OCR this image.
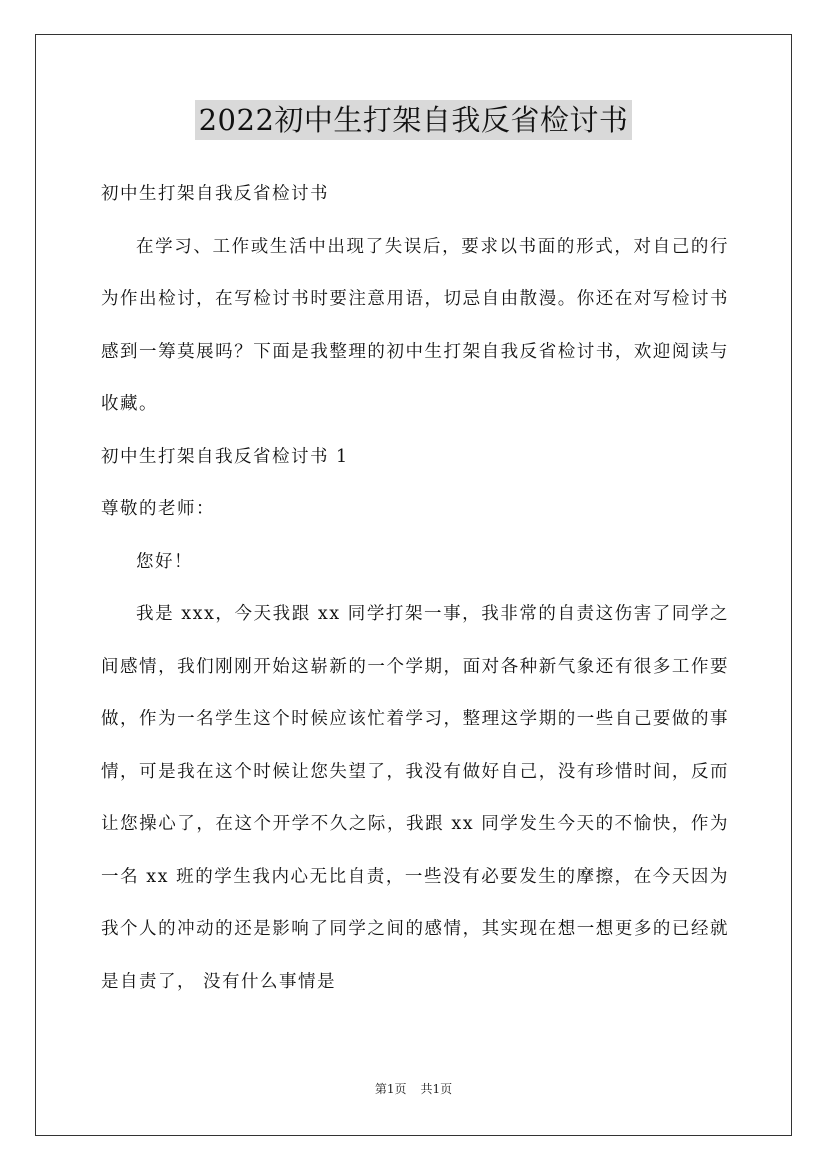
2022初中生打架自我反省检讨书

初中生打架自我反省检讨书

在学习、工作或生活中出现了失误后，要求以书面的形式，对自己的行为作出检讨，在写检讨书时要注意用语，切忌自由散漫。你还在对写检讨书感到一筹莫展吗？下面是我整理的初中生打架自我反省检讨书，欢迎阅读与收藏。

初中生打架自我反省检讨书 1

尊敬的老师：

您好！

我是 xxx，今天我跟 xx 同学打架一事，我非常的自责这伤害了同学之间感情，我们刚刚开始这崭新的一个学期，面对各种新气象还有很多工作要做，作为一名学生这个时候应该忙着学习，整理这学期的一些自己要做的事情，可是我在这个时候让您失望了，我没有做好自己，没有珍惜时间，反而让您操心了，在这个开学不久之际，我跟 xx 同学发生今天的不愉快，作为一名 xx 班的学生我内心无比自责，一些没有必要发生的摩擦，在今天因为我个人的冲动的还是影响了同学之间的感情，其实现在想一想更多的已经就是自责了， 没有什么事情是

第1页 共1页
